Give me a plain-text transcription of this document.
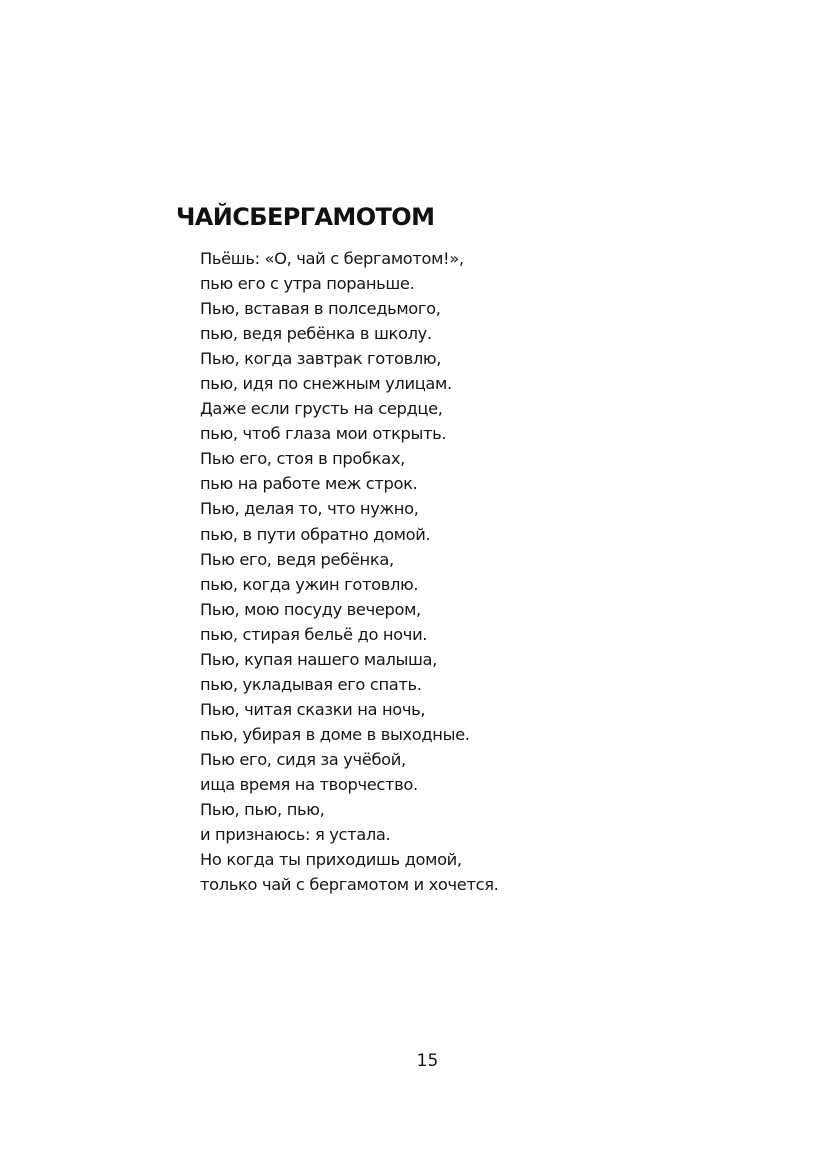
ЧАЙСБЕРГАМОТОМ
Пьёшь: «О, чай с бергамотом!»,
пью его с утра пораньше.
Пью, вставая в полседьмого,
пью, ведя ребёнка в школу.
Пью, когда завтрак готовлю,
пью, идя по снежным улицам.
Даже если грусть на сердце,
пью, чтоб глаза мои открыть.
Пью его, стоя в пробках,
пью на работе меж строк.
Пью, делая то, что нужно,
пью, в пути обратно домой.
Пью его, ведя ребёнка,
пью, когда ужин готовлю.
Пью, мою посуду вечером,
пью, стирая бельё до ночи.
Пью, купая нашего малыша,
пью, укладывая его спать.
Пью, читая сказки на ночь,
пью, убирая в доме в выходные.
Пью его, сидя за учёбой,
ища время на творчество.
Пью, пью, пью,
и признаюсь: я устала.
Но когда ты приходишь домой,
только чай с бергамотом и хочется.
15
